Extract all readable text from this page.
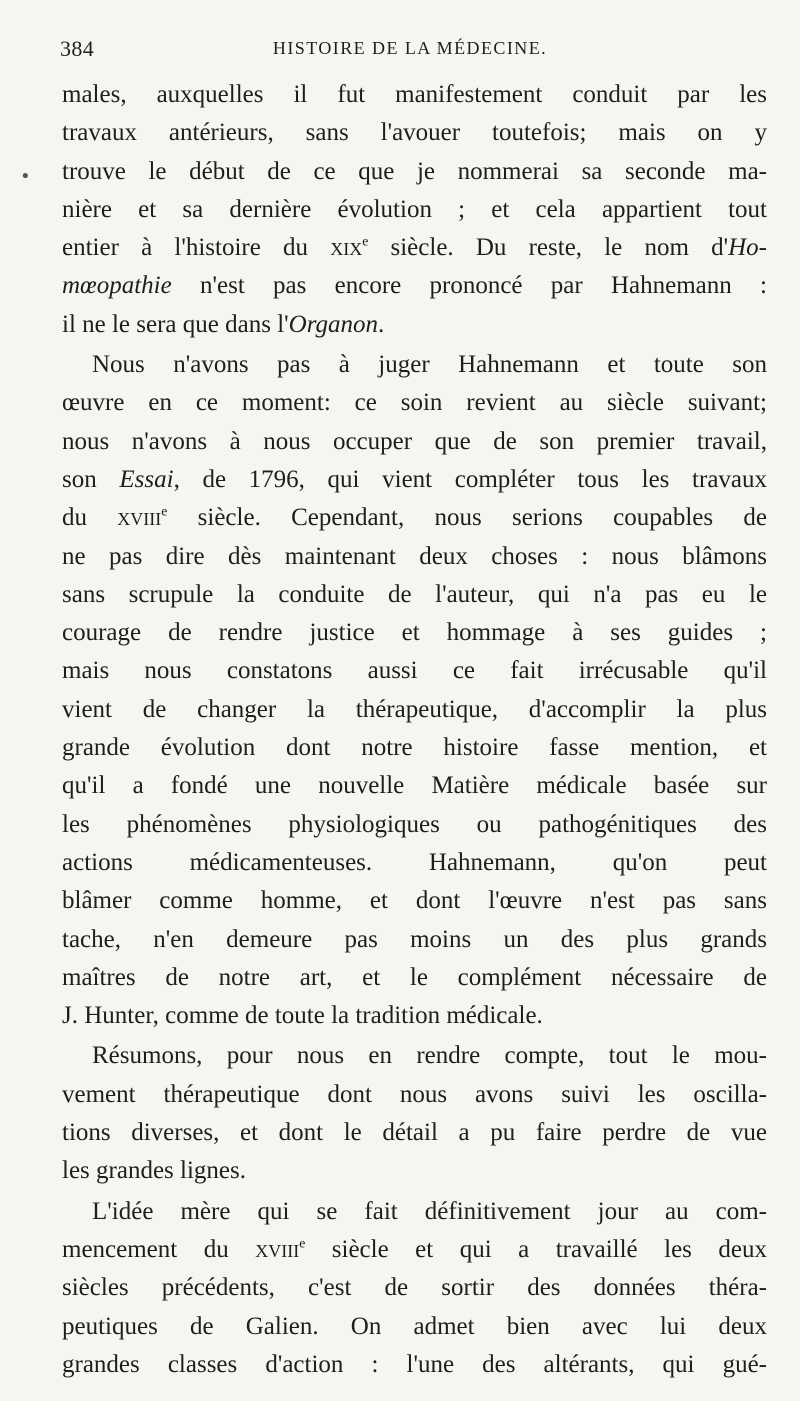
384	HISTOIRE DE LA MÉDECINE.
•
males, auxquelles il fut manifestement conduit par les
travaux antérieurs, sans l'avouer toutefois; mais on y
trouve le début de ce que je nommerai sa seconde ma-
nière et sa dernière évolution ; et cela appartient tout
entier à l'histoire du xix$^e$ siècle. Du reste, le nom d'Ho-
mœopathie n'est pas encore prononcé par Hahnemann :
il ne le sera que dans l'Organon.
Nous n'avons pas à juger Hahnemann et toute son
œuvre en ce moment: ce soin revient au siècle suivant;
nous n'avons à nous occuper que de son premier travail,
son Essai, de 1796, qui vient compléter tous les travaux
du xviii$^e$ siècle. Cependant, nous serions coupables de
ne pas dire dès maintenant deux choses : nous blâmons
sans scrupule la conduite de l'auteur, qui n'a pas eu le
courage de rendre justice et hommage à ses guides ;
mais nous constatons aussi ce fait irrécusable qu'il
vient de changer la thérapeutique, d'accomplir la plus
grande évolution dont notre histoire fasse mention, et
qu'il a fondé une nouvelle Matière médicale basée sur
les phénomènes physiologiques ou pathogénitiques des
actions médicamenteuses. Hahnemann, qu'on peut
blâmer comme homme, et dont l'œuvre n'est pas sans
tache, n'en demeure pas moins un des plus grands
maîtres de notre art, et le complément nécessaire de
J. Hunter, comme de toute la tradition médicale.
Résumons, pour nous en rendre compte, tout le mou-
vement thérapeutique dont nous avons suivi les oscilla-
tions diverses, et dont le détail a pu faire perdre de vue
les grandes lignes.
L'idée mère qui se fait définitivement jour au com-
mencement du xviii$^e$ siècle et qui a travaillé les deux
siècles précédents, c'est de sortir des données théra-
peutiques de Galien. On admet bien avec lui deux
grandes classes d'action : l'une des altérants, qui gué-
